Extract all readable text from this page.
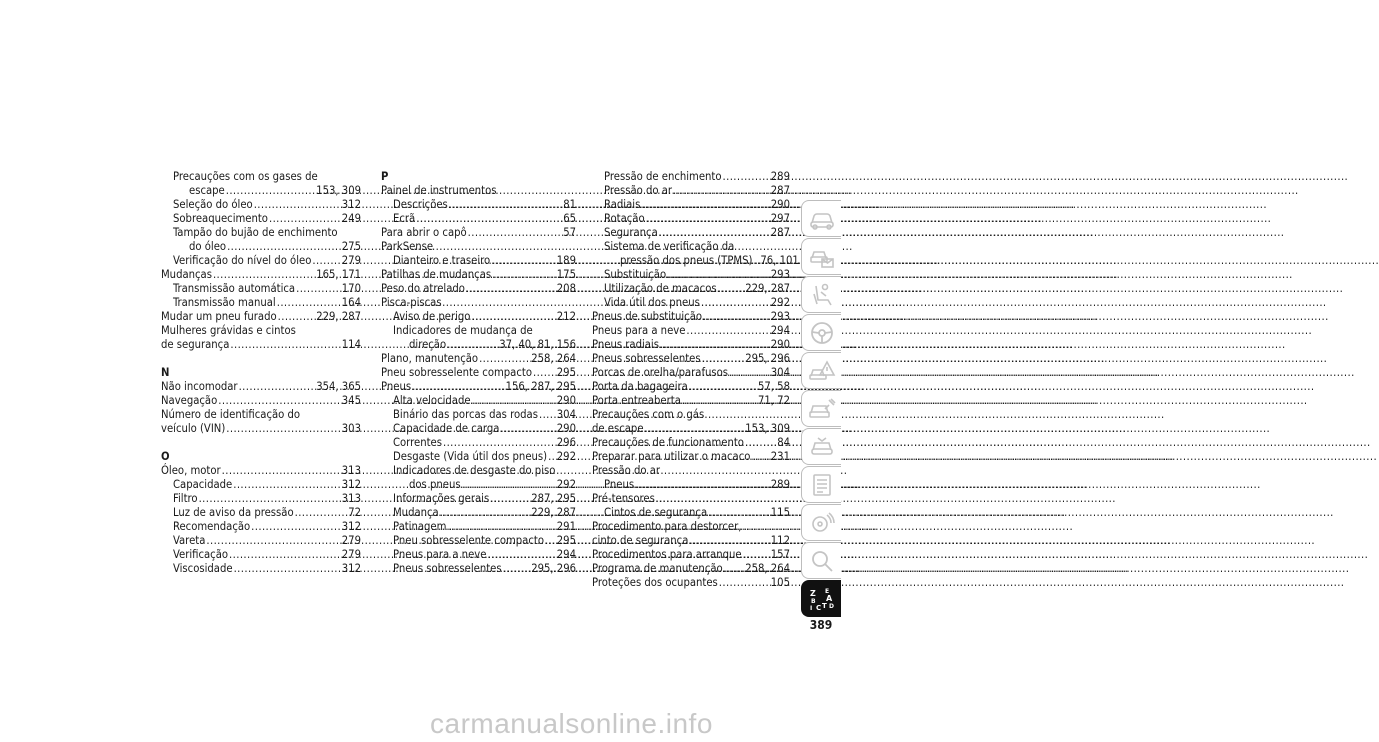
Precauções com os gases de
escape .....	153, 309
Seleção do óleo .....	312
Sobreaquecimento .....	249
Tampão do bujão de enchimento
do óleo .....	275
Verificação do nível do óleo .....	279
Mudanças .....	165, 171
Transmissão automática .....	170
Transmissão manual .....	164
Mudar um pneu furado .....	229, 287
Mulheres grávidas e cintos
de segurança .....	114
N
Não incomodar .....	354, 365
Navegação .....	345
Número de identificação do
veículo (VIN) .....	303
O
Óleo, motor .....	313
Capacidade .....	312
Filtro .....	313
Luz de aviso da pressão .....	72
Recomendação .....	312
Vareta .....	279
Verificação .....	279
Viscosidade .....	312
P
Painel de instrumentos
Descrições .....	81
Ecrã .....	65
Para abrir o capô .....	57
ParkSense
Dianteiro e traseiro .....	189
Patilhas de mudanças .....	175
Peso do atrelado .....	208
Pisca-piscas
Aviso de perigo .....	212
Indicadores de mudança de
direção .....	37, 40, 81, 156
Plano, manutenção .....	258, 264
Pneu sobresselente compacto ..... 295
Pneus .....	156, 287, 295
Alta velocidade .....	290
Binário das porcas das rodas ..... 304
Capacidade de carga .....	290
Correntes .....	296
Desgaste (Vida útil dos pneus) ..... 292
Indicadores de desgaste do piso
dos pneus .....	292
Informações gerais .....	287, 295
Mudança .....	229, 287
Patinagem .....	291
Pneu sobresselente compacto ..... 295
Pneus para a neve .....	294
Pneus sobresselentes .....	295, 296
Pressão de enchimento .....	289
Pressão do ar .....	287
Radiais .....	290
Rotação .....	297
Segurança .....	287
Sistema de verificação da
pressão dos pneus (TPMS) ..... 76, 101
Substituição .....	293
Utilização de macacos .....	229, 287
Vida útil dos pneus .....	292
Pneus de substituição .....	293
Pneus para a neve .....	294
Pneus radiais .....	290
Pneus sobresselentes .....	295, 296
Porcas de orelha/parafusos .....	304
Porta da bagageira .....	57, 58
Porta entreaberta .....	71, 72
Precauções com o gás
de escape .....	153, 309
Precauções de funcionamento .....	84
Preparar para utilizar o macaco ..... 231
Pressão do ar
Pneus .....	289
Pré-tensores
Cintos de segurança .....	115
Procedimento para destorcer,
cinto de segurança .....	112
Procedimentos para arranque .....	157
Programa de manutenção ..... 258, 264
Proteções dos ocupantes .....	105
Z E
B A
I C T D
389
carmanualsonline.info
